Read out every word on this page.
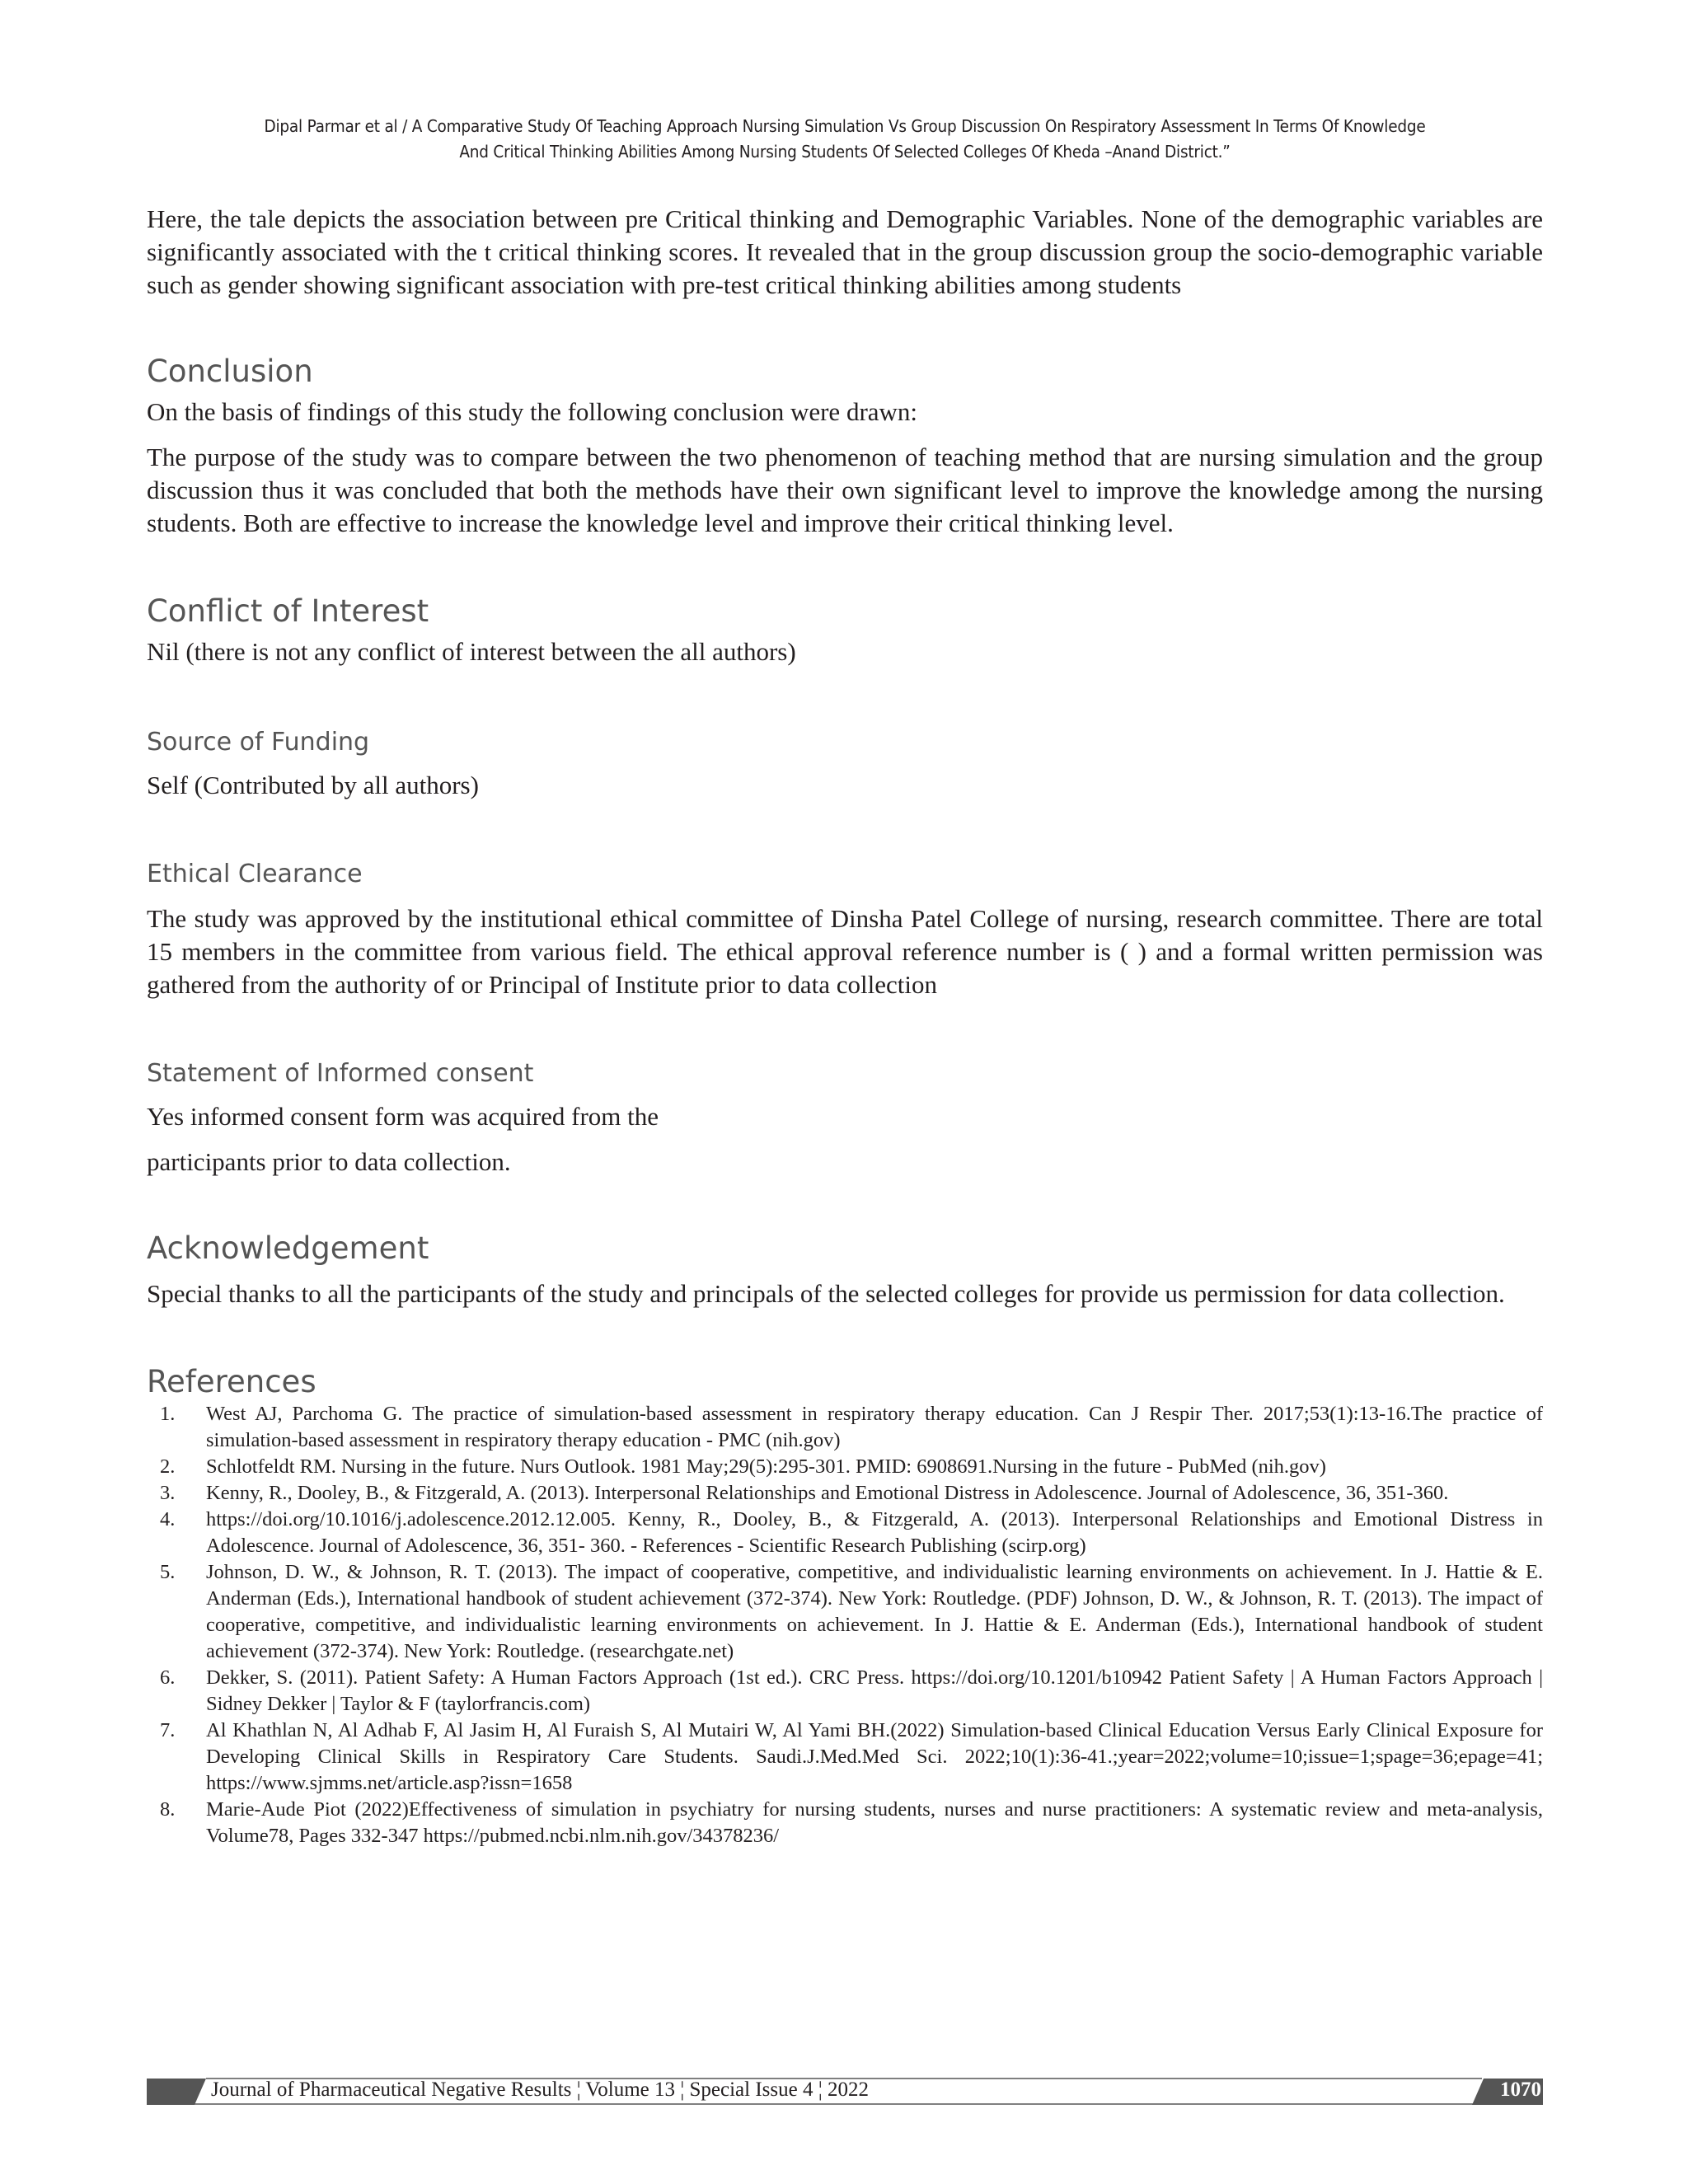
Dipal Parmar et al / A Comparative Study Of Teaching Approach Nursing Simulation Vs Group Discussion On Respiratory Assessment In Terms Of Knowledge
And Critical Thinking Abilities Among Nursing Students Of Selected Colleges Of Kheda –Anand District.”

Here, the tale depicts the association between pre Critical thinking and Demographic Variables. None of the demographic variables are significantly associated with the t critical thinking scores. It revealed that in the group discussion group the socio-demographic variable such as gender showing significant association with pre-test critical thinking abilities among students

Conclusion

On the basis of findings of this study the following conclusion were drawn:

The purpose of the study was to compare between the two phenomenon of teaching method that are nursing simulation and the group discussion thus it was concluded that both the methods have their own significant level to improve the knowledge among the nursing students. Both are effective to increase the knowledge level and improve their critical thinking level.

Conflict of Interest

Nil (there is not any conflict of interest between the all authors)

Source of Funding

Self (Contributed by all authors)

Ethical Clearance

The study was approved by the institutional ethical committee of Dinsha Patel College of nursing, research committee. There are total 15 members in the committee from various field. The ethical approval reference number is ( ) and a formal written permission was gathered from the authority of or Principal of Institute prior to data collection

Statement of Informed consent

Yes informed consent form was acquired from the

participants prior to data collection.

Acknowledgement

Special thanks to all the participants of the study and principals of the selected colleges for provide us permission for data collection.

References
1. West AJ, Parchoma G. The practice of simulation-based assessment in respiratory therapy education. Can J Respir Ther. 2017;53(1):13-16.The practice of simulation-based assessment in respiratory therapy education - PMC (nih.gov)
2. Schlotfeldt RM. Nursing in the future. Nurs Outlook. 1981 May;29(5):295-301. PMID: 6908691.Nursing in the future - PubMed (nih.gov)
3. Kenny, R., Dooley, B., & Fitzgerald, A. (2013). Interpersonal Relationships and Emotional Distress in Adolescence. Journal of Adolescence, 36, 351-360.
4. https://doi.org/10.1016/j.adolescence.2012.12.005. Kenny, R., Dooley, B., & Fitzgerald, A. (2013). Interpersonal Relationships and Emotional Distress in Adolescence. Journal of Adolescence, 36, 351- 360. - References - Scientific Research Publishing (scirp.org)
5. Johnson, D. W., & Johnson, R. T. (2013). The impact of cooperative, competitive, and individualistic learning environments on achievement. In J. Hattie & E. Anderman (Eds.), International handbook of student achievement (372-374). New York: Routledge. (PDF) Johnson, D. W., & Johnson, R. T. (2013). The impact of cooperative, competitive, and individualistic learning environments on achievement. In J. Hattie & E. Anderman (Eds.), International handbook of student achievement (372-374). New York: Routledge. (researchgate.net)
6. Dekker, S. (2011). Patient Safety: A Human Factors Approach (1st ed.). CRC Press. https://doi.org/10.1201/b10942 Patient Safety | A Human Factors Approach | Sidney Dekker | Taylor & F (taylorfrancis.com)
7. Al Khathlan N, Al Adhab F, Al Jasim H, Al Furaish S, Al Mutairi W, Al Yami BH.(2022) Simulation-based Clinical Education Versus Early Clinical Exposure for Developing Clinical Skills in Respiratory Care Students. Saudi.J.Med.Med Sci. 2022;10(1):36-41.;year=2022;volume=10;issue=1;spage=36;epage=41; https://www.sjmms.net/article.asp?issn=1658
8. Marie-Aude Piot (2022)Effectiveness of simulation in psychiatry for nursing students, nurses and nurse practitioners: A systematic review and meta-analysis, Volume78, Pages 332-347 https://pubmed.ncbi.nlm.nih.gov/34378236/
Journal of Pharmaceutical Negative Results ¦ Volume 13 ¦ Special Issue 4 ¦ 2022	1070
